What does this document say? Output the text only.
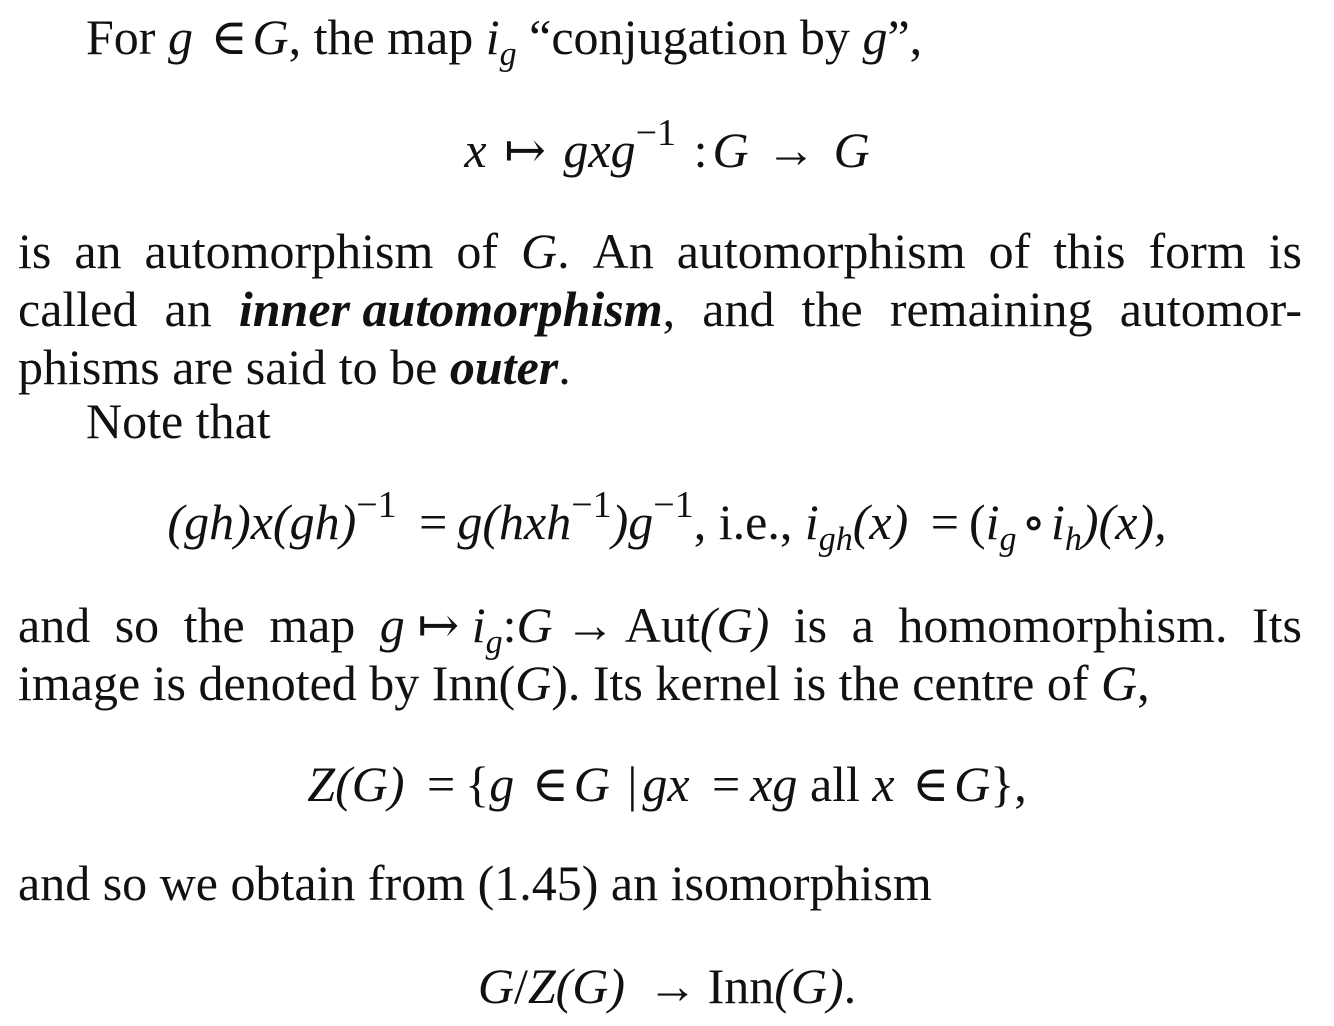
For g ∈ G, the map $i_g$ “conjugation by g”,
x ↦ gxg$^{-1}$ : G → G
is an automorphism of G. An automorphism of this form is
called an inner automorphism, and the remaining automor-
phisms are said to be outer.
Note that
$(gh)x(gh)^{-1} = g(hxh^{-1})g^{-1}$, i.e., $i_{gh}(x) = (i_g$ ∘ $i_h)(x)$,
and so the map g ↦ $i_g:G \to Aut(G)$ is a homomorphism. Its
image is denoted by Inn(G). Its kernel is the centre of G,
Z(G) = {g ∈ G | gx = xg all x ∈ G},
and so we obtain from (1.45) an isomorphism
G/Z(G) → Inn(G).
